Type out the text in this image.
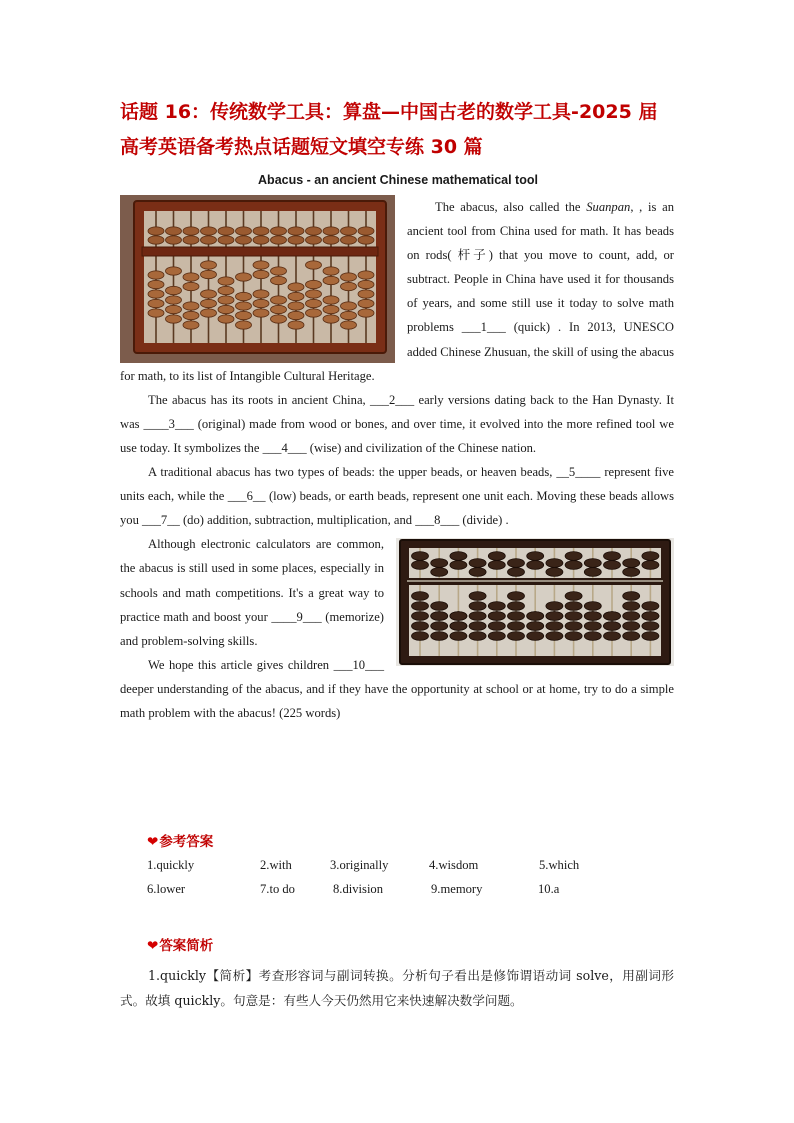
话题 16：传统数学工具：算盘—中国古老的数学工具-2025 届高考英语备考热点话题短文填空专练 30 篇
Abacus - an ancient Chinese mathematical tool

The abacus, also called the Suanpan
, , is an ancient tool from China used for math. It has beads on rods( 杆子) that you move to count, add, or subtract. People in China have used it for thousands of years, and some still use it today to solve math problems ___1___ (quick) . In 2013, UNESCO added Chinese Zhusuan, the skill of using the abacus for math, to its list of Intangible Cultural Heritage.

The abacus has its roots in ancient China, ___2___ early versions dating back to the Han Dynasty. It was ____3___ (original) made from wood or bones, and over time, it evolved into the more refined tool we use today. It symbolizes the ___4___ (wise) and civilization of the Chinese nation.

A traditional abacus has two types of beads: the upper beads, or heaven beads, __5____ represent five units each, while the ___6__ (low) beads, or earth beads, represent one unit each. Moving these beads allows you ___7__ (do) addition, subtraction, multiplication, and ___8___ (divide) .

Although electronic calculators are common, the abacus is still used in some places, especially in schools and math competitions. It's a great way to practice math and boost your ____9___ (memorize) and problem-solving skills.

We hope this article gives children ___10___ deeper understanding of the abacus, and if they have the opportunity at school or at home, try to do a simple math problem with the abacus! (225 words)

❤参考答案
1.quickly	2.with	3.originally	4.wisdom	5.which
6.lower	7.to do	8.division	9.memory	10.a
❤答案简析

1.quickly【简析】考查形容词与副词转换。分析句子看出是修饰谓语动词 solve，用副词形式。故填 quickly。句意是：有些人今天仍然用它来快速解决数学问题。
